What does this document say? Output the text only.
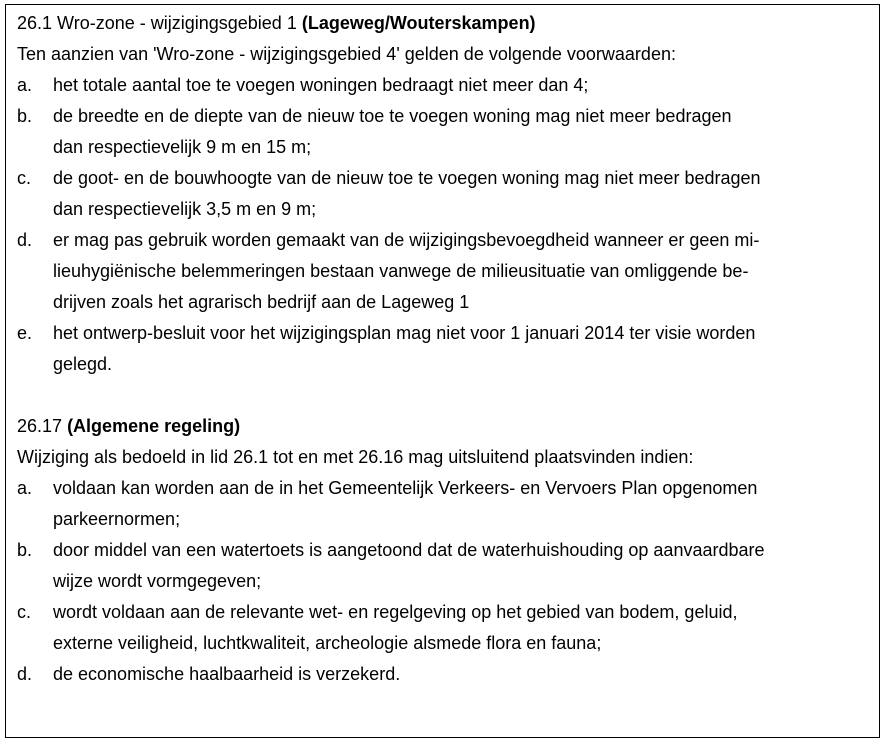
26.1 Wro-zone - wijzigingsgebied 1 (Lageweg/Wouterskampen)
Ten aanzien van 'Wro-zone - wijzigingsgebied 4' gelden de volgende voorwaarden:
a.	het totale aantal toe te voegen woningen bedraagt niet meer dan 4;
b.	de breedte en de diepte van de nieuw toe te voegen woning mag niet meer bedragen
dan respectievelijk 9 m en 15 m;
c.	de goot- en de bouwhoogte van de nieuw toe te voegen woning mag niet meer bedragen
dan respectievelijk 3,5 m en 9 m;
d.	er mag pas gebruik worden gemaakt van de wijzigingsbevoegdheid wanneer er geen mi-
lieuhygiënische belemmeringen bestaan vanwege de milieusituatie van omliggende be-
drijven zoals het agrarisch bedrijf aan de Lageweg 1
e.	het ontwerp-besluit voor het wijzigingsplan mag niet voor 1 januari 2014 ter visie worden
gelegd.
26.17 (Algemene regeling)
Wijziging als bedoeld in lid 26.1 tot en met 26.16 mag uitsluitend plaatsvinden indien:
a.	voldaan kan worden aan de in het Gemeentelijk Verkeers- en Vervoers Plan opgenomen
parkeernormen;
b.	door middel van een watertoets is aangetoond dat de waterhuishouding op aanvaardbare
wijze wordt vormgegeven;
c.	wordt voldaan aan de relevante wet- en regelgeving op het gebied van bodem, geluid,
externe veiligheid, luchtkwaliteit, archeologie alsmede flora en fauna;
d.	de economische haalbaarheid is verzekerd.
